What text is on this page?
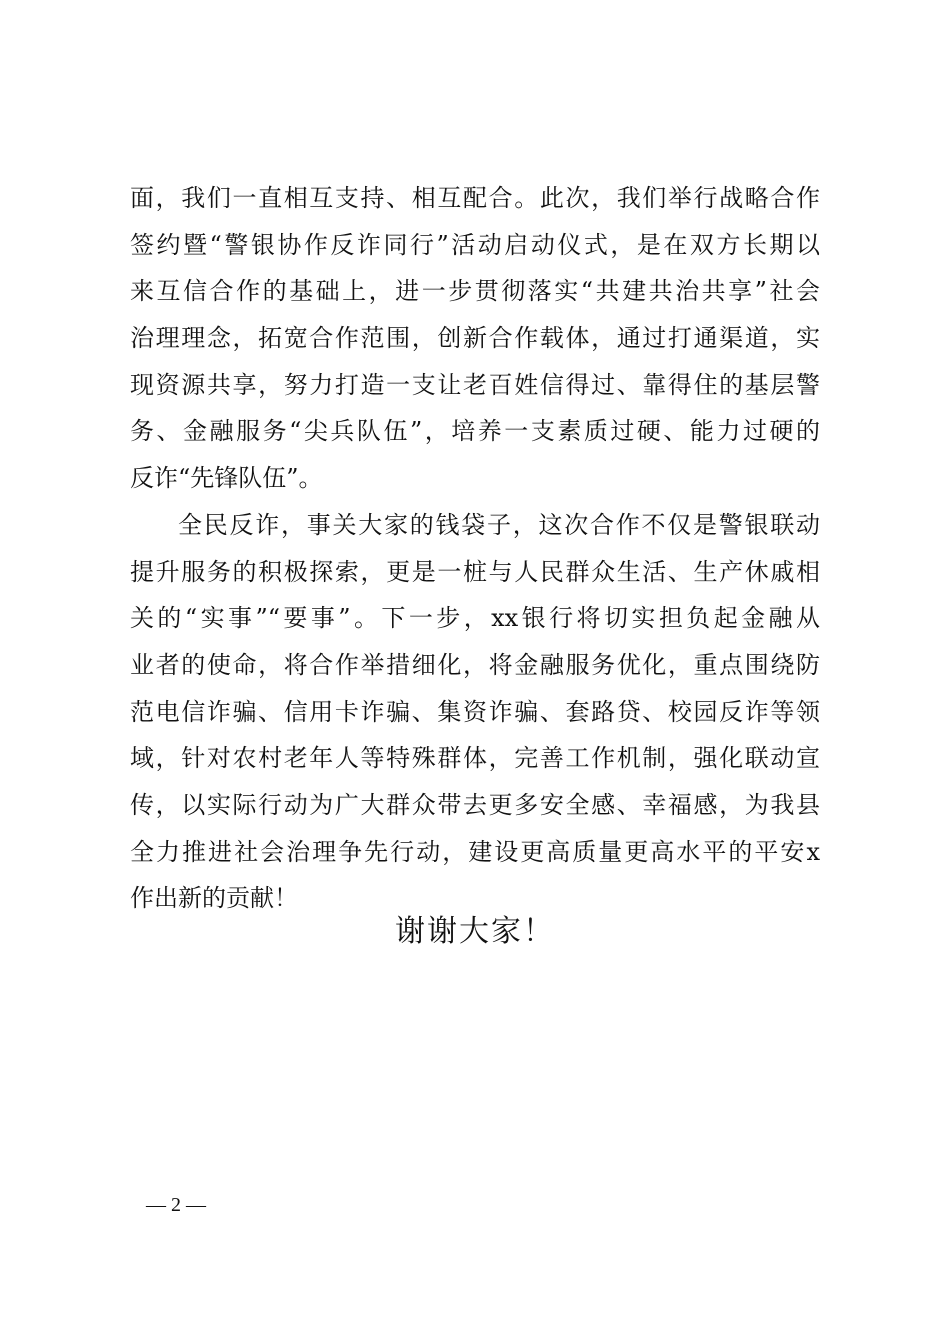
面，我们一直相互支持、相互配合。此次，我们举行战略合作
签约暨“警银协作反诈同行”活动启动仪式，是在双方长期以
来互信合作的基础上，进一步贯彻落实“共建共治共享”社会
治理理念，拓宽合作范围，创新合作载体，通过打通渠道，实
现资源共享，努力打造一支让老百姓信得过、靠得住的基层警
务、金融服务“尖兵队伍”，培养一支素质过硬、能力过硬的
反诈“先锋队伍”。
全民反诈，事关大家的钱袋子，这次合作不仅是警银联动
提升服务的积极探索，更是一桩与人民群众生活、生产休戚相
关的“实事”“要事”。下一步，xx银行将切实担负起金融从
业者的使命，将合作举措细化，将金融服务优化，重点围绕防
范电信诈骗、信用卡诈骗、集资诈骗、套路贷、校园反诈等领
域，针对农村老年人等特殊群体，完善工作机制，强化联动宣
传，以实际行动为广大群众带去更多安全感、幸福感，为我县
全力推进社会治理争先行动，建设更高质量更高水平的平安x
作出新的贡献！
谢谢大家！
— 2 —
